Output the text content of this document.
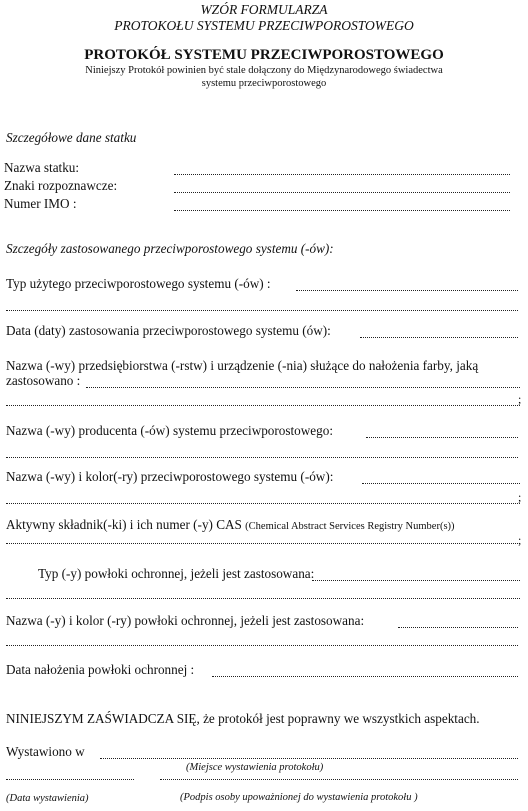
WZÓR FORMULARZA
PROTOKOŁU SYSTEMU PRZECIWPOROSTOWEGO
PROTOKÓŁ SYSTEMU PRZECIWPOROSTOWEGO
Niniejszy Protokół powinien być stale dołączony do Międzynarodowego świadectwa
systemu przeciwporostowego
Szczegółowe dane statku
Nazwa statku:
Znaki rozpoznawcze:
Numer IMO :
Szczegóły zastosowanego przeciwporostowego systemu (-ów):
Typ użytego przeciwporostowego systemu (-ów) :
Data (daty) zastosowania przeciwporostowego systemu (ów):
Nazwa (-wy) przedsiębiorstwa (-rstw) i urządzenie (-nia) służące do nałożenia farby, jaką
zastosowano :
;
Nazwa (-wy) producenta (-ów) systemu przeciwporostowego:
Nazwa (-wy) i kolor(-ry) przeciwporostowego systemu (-ów):
;
Aktywny składnik(-ki) i ich numer (-y) CAS (Chemical Abstract Services Registry Number(s))
;
Typ (-y) powłoki ochronnej, jeżeli jest zastosowana:
Nazwa (-y) i kolor (-ry) powłoki ochronnej, jeżeli jest zastosowana:
Data nałożenia powłoki ochronnej :
NINIEJSZYM ZAŚWIADCZA SIĘ, że protokół jest poprawny we wszystkich aspektach.
Wystawiono w
(Miejsce wystawienia protokołu)
(Data wystawienia)	(Podpis osoby upoważnionej do wystawienia protokołu )
